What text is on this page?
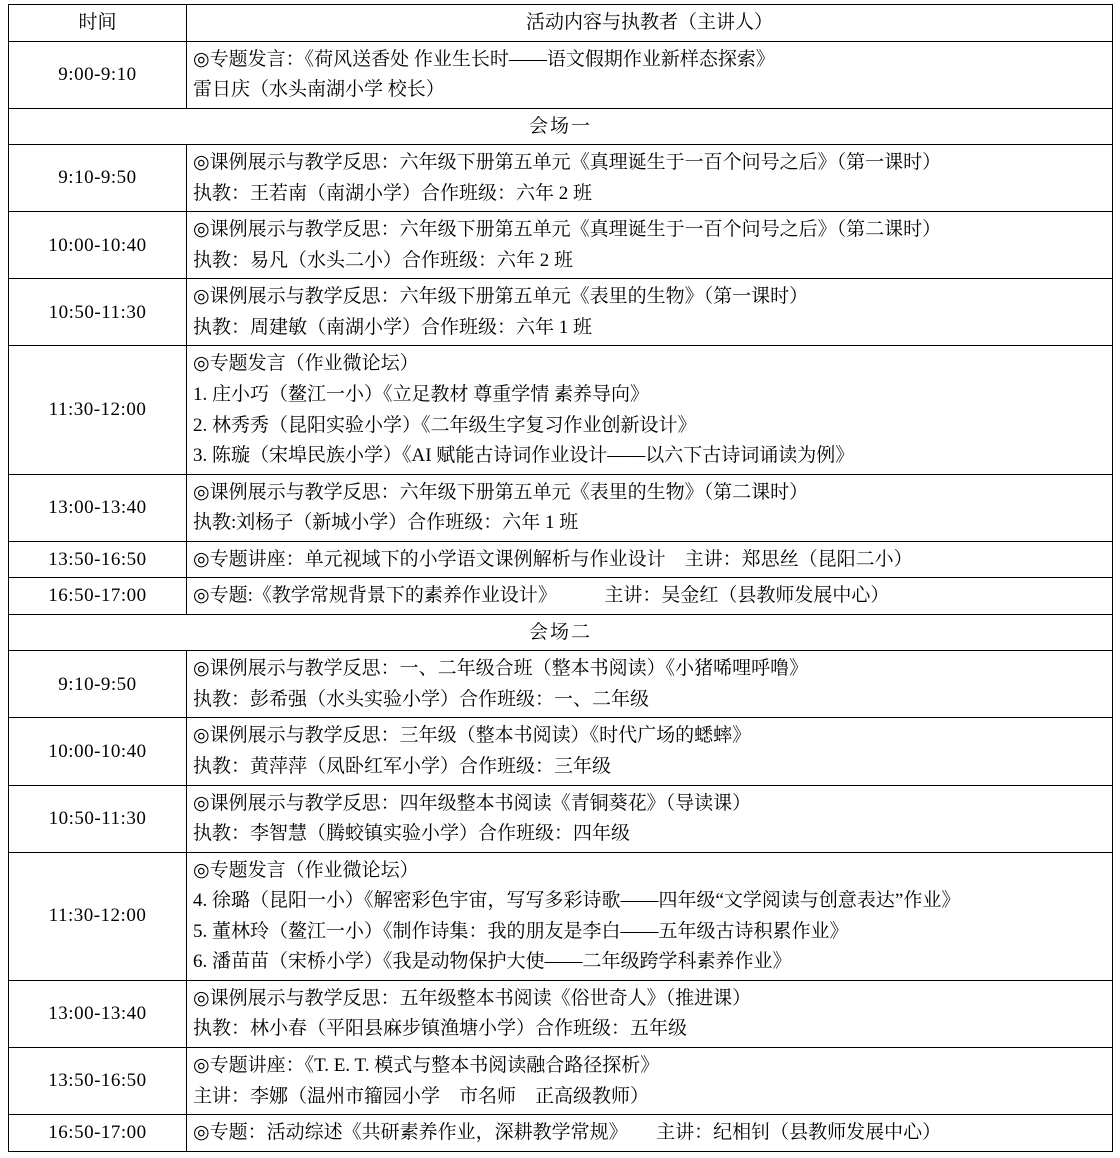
时间	活动内容与执教者（主讲人）
9:00-9:10	◎专题发言：《荷风送香处 作业生长时——语文假期作业新样态探索》
雷日庆（水头南湖小学 校长）

会场一	
9:10-9:50	◎课例展示与教学反思：六年级下册第五单元《真理诞生于一百个问号之后》（第一课时）
执教：王若南（南湖小学）合作班级：六年 2 班

10:00-10:40	◎课例展示与教学反思：六年级下册第五单元《真理诞生于一百个问号之后》（第二课时）
执教：易凡（水头二小）合作班级：六年 2 班

10:50-11:30	◎课例展示与教学反思：六年级下册第五单元《表里的生物》（第一课时）
执教：周建敏（南湖小学）合作班级：六年 1 班

11:30-12:00	◎专题发言（作业微论坛）
1. 庄小巧（鳌江一小）《立足教材 尊重学情 素养导向》
2. 林秀秀（昆阳实验小学）《二年级生字复习作业创新设计》
3. 陈璇（宋埠民族小学）《AI 赋能古诗词作业设计——以六下古诗词诵读为例》

13:00-13:40	◎课例展示与教学反思：六年级下册第五单元《表里的生物》（第二课时）
执教:刘杨子（新城小学）合作班级：六年 1 班

13:50-16:50	◎专题讲座：单元视域下的小学语文课例解析与作业设计　主讲：郑思丝（昆阳二小）

16:50-17:00	◎专题:《教学常规背景下的素养作业设计》　　　主讲：吴金红（县教师发展中心）

会场二	
9:10-9:50	◎课例展示与教学反思：一、二年级合班（整本书阅读）《小猪唏哩呼噜》
执教：彭希强（水头实验小学）合作班级：一、二年级

10:00-10:40	◎课例展示与教学反思：三年级（整本书阅读）《时代广场的蟋蟀》
执教：黄萍萍（凤卧红军小学）合作班级：三年级

10:50-11:30	◎课例展示与教学反思：四年级整本书阅读《青铜葵花》（导读课）
执教：李智慧（腾蛟镇实验小学）合作班级：四年级

11:30-12:00	◎专题发言（作业微论坛）
4. 徐璐（昆阳一小）《解密彩色宇宙，写写多彩诗歌——四年级“文学阅读与创意表达”作业》
5. 董林玲（鳌江一小）《制作诗集：我的朋友是李白——五年级古诗积累作业》
6. 潘苗苗（宋桥小学）《我是动物保护大使——二年级跨学科素养作业》

13:00-13:40	◎课例展示与教学反思：五年级整本书阅读《俗世奇人》（推进课）
执教：林小春（平阳县麻步镇渔塘小学）合作班级：五年级

13:50-16:50	◎专题讲座：《T. E. T. 模式与整本书阅读融合路径探析》
主讲：李娜（温州市籀园小学　市名师　正高级教师）

16:50-17:00	◎专题：活动综述《共研素养作业，深耕教学常规》　　主讲：纪相钊（县教师发展中心）
